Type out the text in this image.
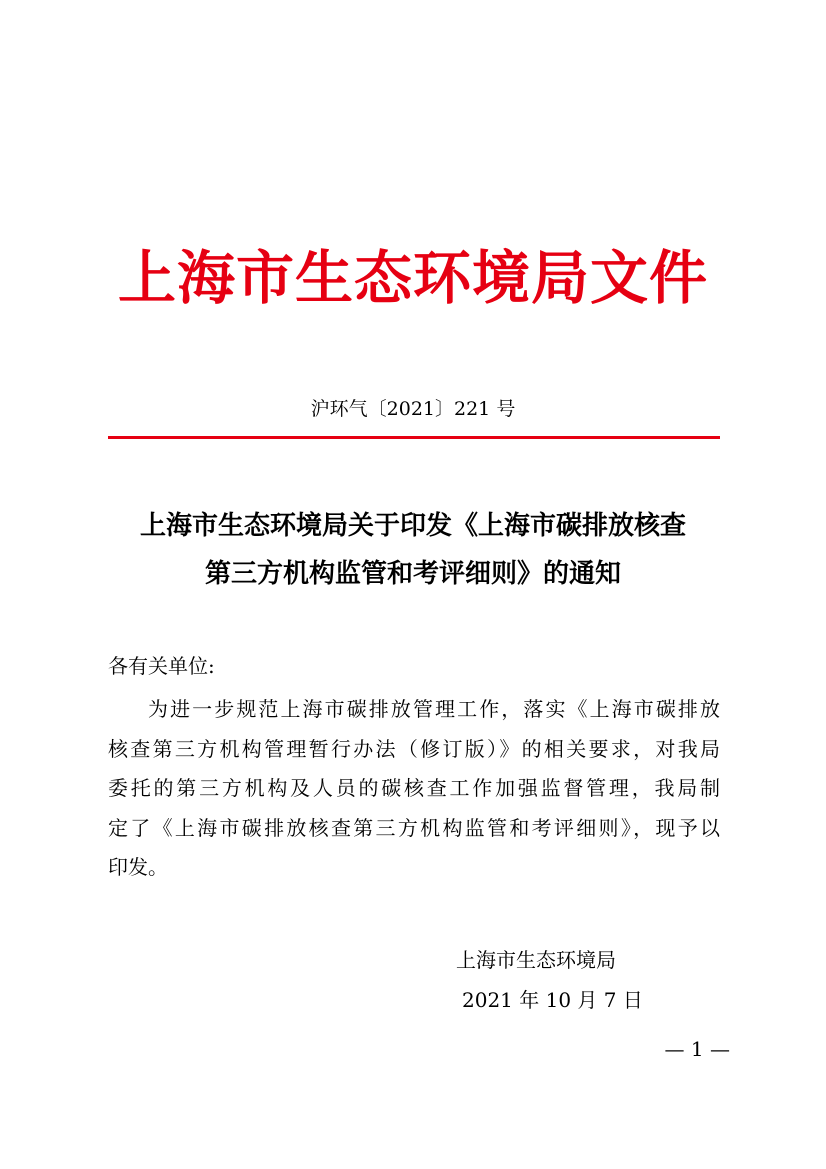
上海市生态环境局文件
沪环气〔2021〕221 号
上海市生态环境局关于印发《上海市碳排放核查
第三方机构监管和考评细则》的通知
各有关单位:
为进一步规范上海市碳排放管理工作，落实《上海市碳排放
核查第三方机构管理暂行办法（修订版）》的相关要求，对我局
委托的第三方机构及人员的碳核查工作加强监督管理，我局制
定了《上海市碳排放核查第三方机构监管和考评细则》，现予以
印发。
上海市生态环境局
2021 年 10 月 7 日
— 1 —
